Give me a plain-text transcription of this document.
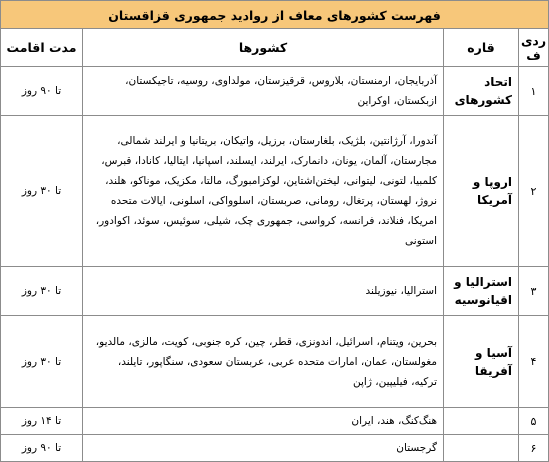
فهرست کشورهای معاف از روادید جمهوری قزاقستان			
ردی ف	قاره	کشورها	مدت اقامت
۱	اتحاد کشورهای	آذربایجان، ارمنستان، بلاروس، قرقیزستان، مولداوی، روسیه، تاجیکستان، ازبکستان، اوکراین	تا ۹۰ روز
۲	اروپا و آمریکا	آندورا، آرژانتین، بلژیک، بلغارستان، برزیل، واتیکان، بریتانیا و ایرلند شمالی، مجارستان، آلمان، یونان، دانمارک، ایرلند، ایسلند، اسپانیا، ایتالیا، کانادا، قبرس، کلمبیا، لتونی، لیتوانی، لیختن‌اشتاین، لوکزامبورگ، مالتا، مکزیک، موناکو، هلند، نروژ، لهستان، پرتغال، رومانی، صربستان، اسلوواکی، اسلونی، ایالات متحده امریکا، فنلاند، فرانسه، کرواسی، جمهوری چک، شیلی، سوئیس، سوئد، اکوادور، استونی	تا ۳۰ روز
۳	استرالیا و اقیانوسیه	استرالیا، نیوزیلند	تا ۳۰ روز
۴	آسیا و آفریقا	بحرین، ویتنام، اسرائیل، اندونزی، قطر، چین، کره جنوبی، کویت، مالزی، مالدیو، مغولستان، عمان، امارات متحده عربی، عربستان سعودی، سنگاپور، تایلند، ترکیه، فیلیپین، ژاپن	تا ۳۰ روز
۵		هنگ‌کنگ، هند، ایران	تا ۱۴ روز
۶		گرجستان	تا ۹۰ روز
